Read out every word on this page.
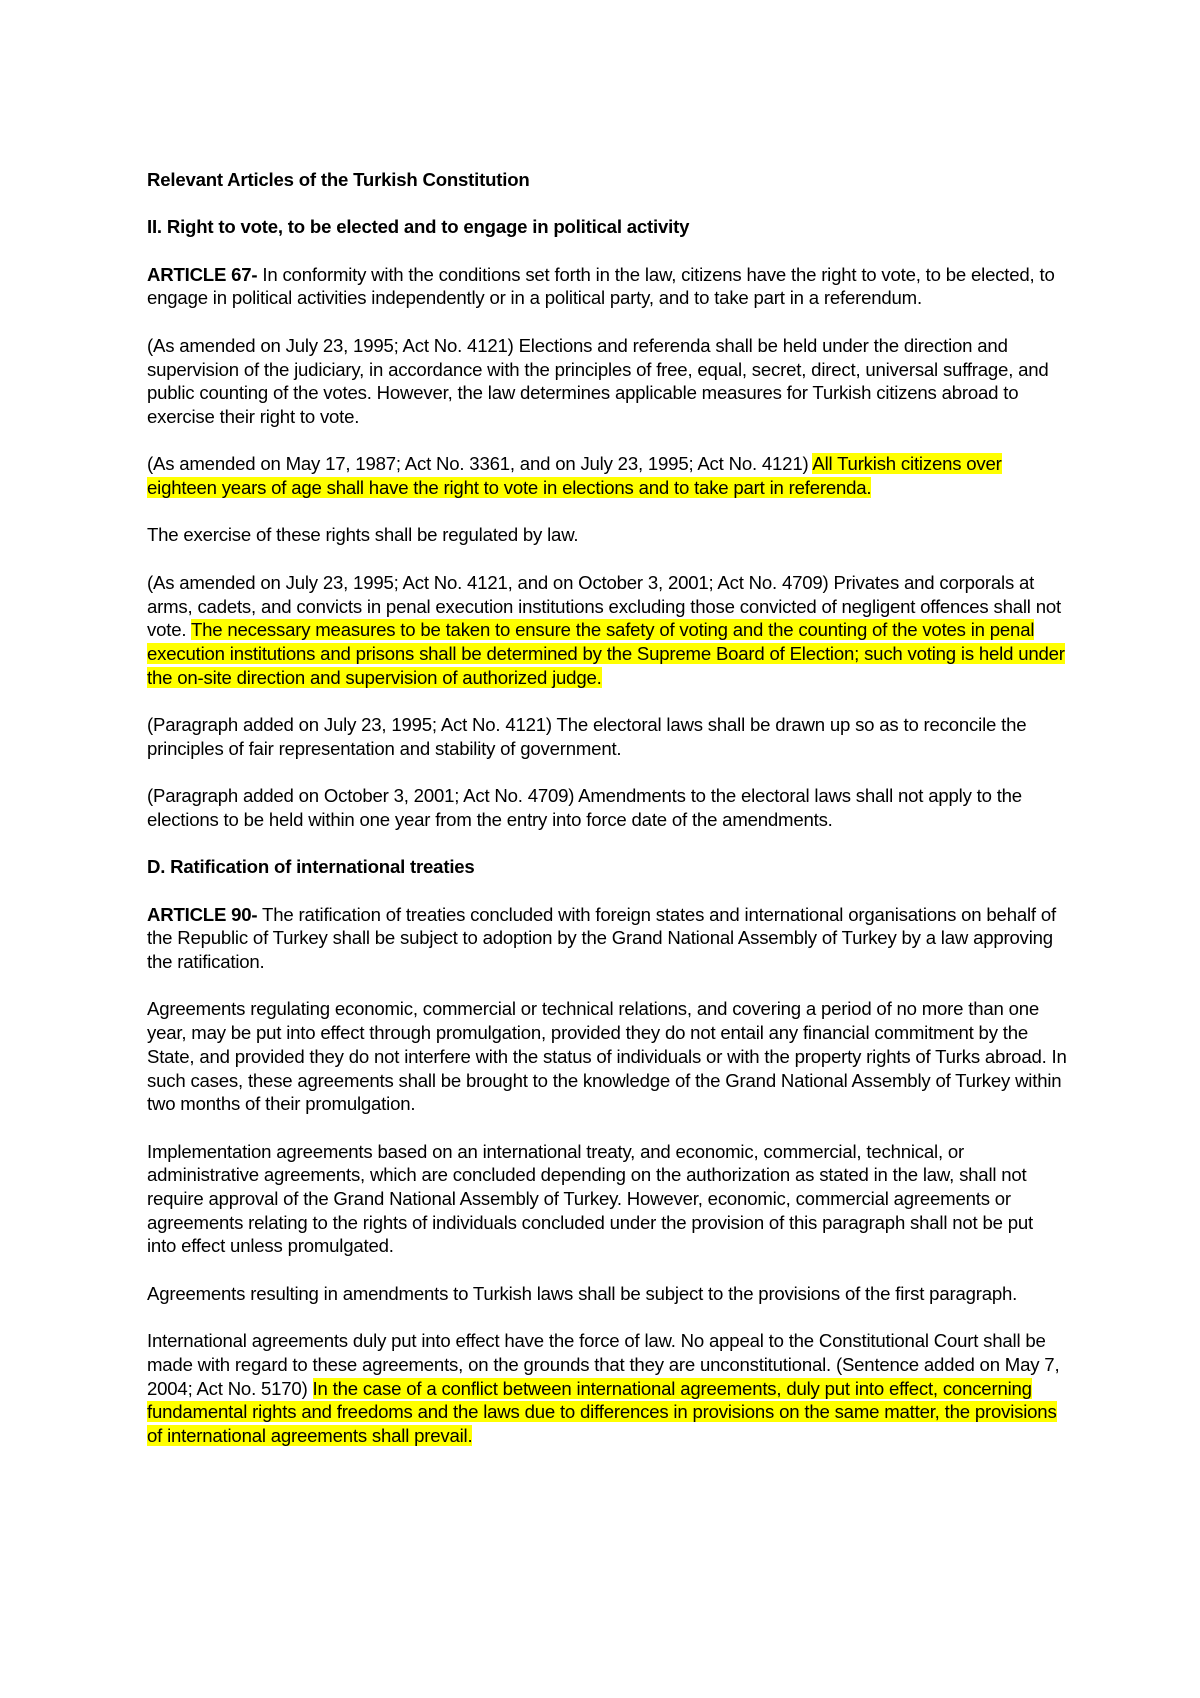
Relevant Articles of the Turkish Constitution

II. Right to vote, to be elected and to engage in political activity

ARTICLE 67- In conformity with the conditions set forth in the law, citizens have the right to vote, to be elected, to engage in political activities independently or in a political party, and to take part in a referendum.

(As amended on July 23, 1995; Act No. 4121) Elections and referenda shall be held under the direction and supervision of the judiciary, in accordance with the principles of free, equal, secret, direct, universal suffrage, and public counting of the votes. However, the law determines applicable measures for Turkish citizens abroad to exercise their right to vote.

(As amended on May 17, 1987; Act No. 3361, and on July 23, 1995; Act No. 4121) All Turkish citizens over eighteen years of age shall have the right to vote in elections and to take part in referenda.

The exercise of these rights shall be regulated by law.

(As amended on July 23, 1995; Act No. 4121, and on October 3, 2001; Act No. 4709) Privates and corporals at arms, cadets, and convicts in penal execution institutions excluding those convicted of negligent offences shall not vote. The necessary measures to be taken to ensure the safety of voting and the counting of the votes in penal execution institutions and prisons shall be determined by the Supreme Board of Election; such voting is held under the on-site direction and supervision of authorized judge.

(Paragraph added on July 23, 1995; Act No. 4121) The electoral laws shall be drawn up so as to reconcile the principles of fair representation and stability of government.

(Paragraph added on October 3, 2001; Act No. 4709) Amendments to the electoral laws shall not apply to the elections to be held within one year from the entry into force date of the amendments.

D. Ratification of international treaties

ARTICLE 90- The ratification of treaties concluded with foreign states and international organisations on behalf of the Republic of Turkey shall be subject to adoption by the Grand National Assembly of Turkey by a law approving the ratification.

Agreements regulating economic, commercial or technical relations, and covering a period of no more than one year, may be put into effect through promulgation, provided they do not entail any financial commitment by the State, and provided they do not interfere with the status of individuals or with the property rights of Turks abroad. In such cases, these agreements shall be brought to the knowledge of the Grand National Assembly of Turkey within two months of their promulgation.

Implementation agreements based on an international treaty, and economic, commercial, technical, or administrative agreements, which are concluded depending on the authorization as stated in the law, shall not require approval of the Grand National Assembly of Turkey. However, economic, commercial agreements or agreements relating to the rights of individuals concluded under the provision of this paragraph shall not be put into effect unless promulgated.

Agreements resulting in amendments to Turkish laws shall be subject to the provisions of the first paragraph.

International agreements duly put into effect have the force of law. No appeal to the Constitutional Court shall be made with regard to these agreements, on the grounds that they are unconstitutional. (Sentence added on May 7, 2004; Act No. 5170) In the case of a conflict between international agreements, duly put into effect, concerning fundamental rights and freedoms and the laws due to differences in provisions on the same matter, the provisions of international agreements shall prevail.
